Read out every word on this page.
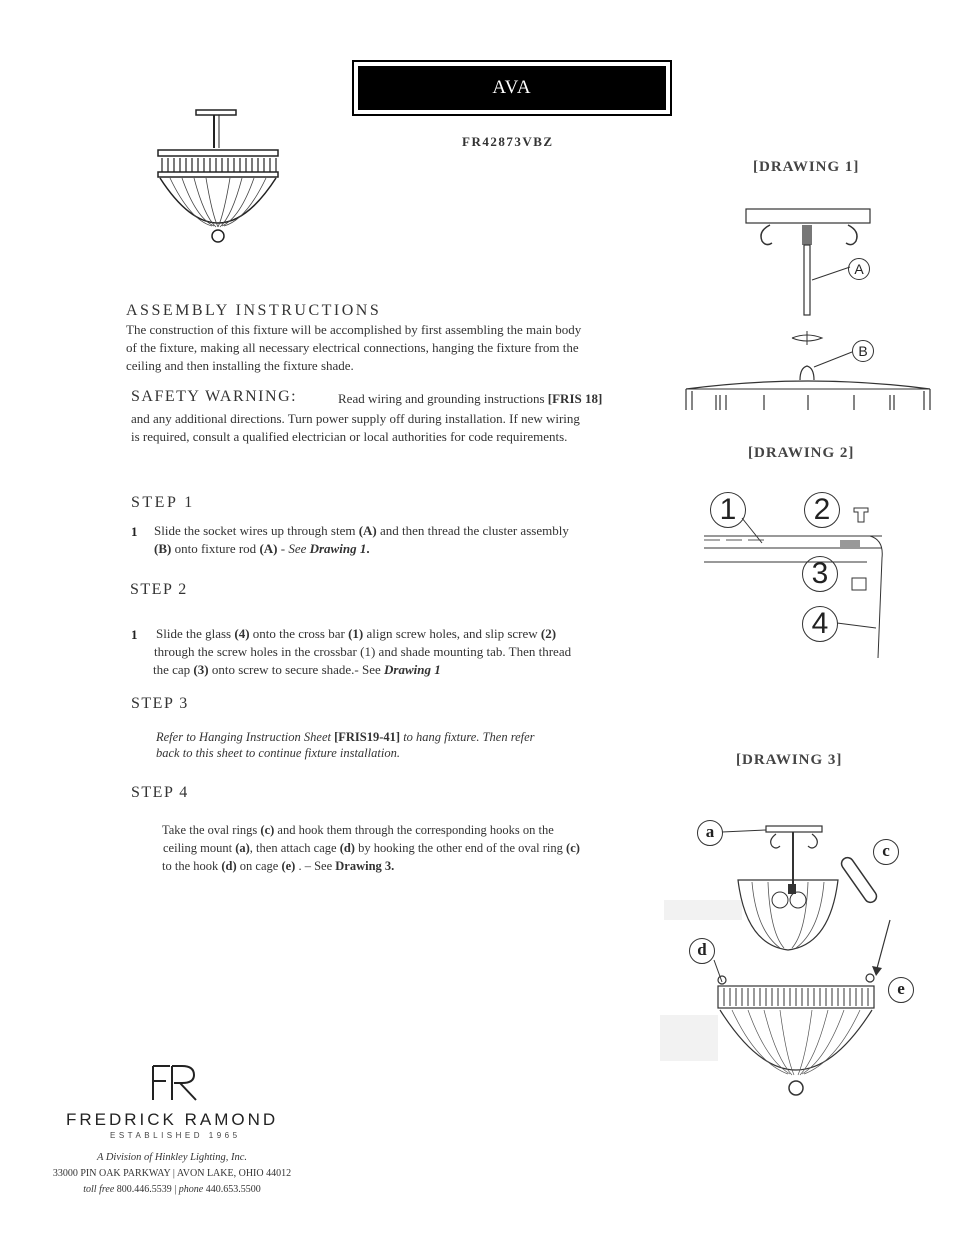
AVA
FR42873VBZ
[DRAWING 1]
[DRAWING 2]
[DRAWING 3]
A
B
1	2
3
4
a
c
d
e
ASSEMBLY INSTRUCTIONS
The construction of this fixture will be accomplished by first assembling the main body
of the fixture, making all necessary electrical connections, hanging the fixture from the
ceiling and then installing the fixture shade.
SAFETY WARNING:	Read wiring and grounding instructions [FRIS 18]
and any additional directions. Turn power supply off during installation. If new wiring
is required, consult a qualified electrician or local authorities for code requirements.
STEP 1
1 Slide the socket wires up through stem (A) and then thread the cluster assembly
(B) onto fixture rod (A) - See Drawing 1.
STEP 2
1 Slide the glass (4) onto the cross bar (1) align screw holes, and slip screw (2)
through the screw holes in the crossbar (1) and shade mounting tab. Then thread
the cap (3) onto screw to secure shade.- See Drawing 1
STEP 3
Refer to Hanging Instruction Sheet [FRIS19-41] to hang fixture. Then refer
back to this sheet to continue fixture installation.
STEP 4
Take the oval rings (c) and hook them through the corresponding hooks on the
ceiling mount (a), then attach cage (d) by hooking the other end of the oval ring (c)
to the hook (d) on cage (e) . – See Drawing 3.
FREDRICK RAMOND
ESTABLISHED 1965
A Division of Hinkley Lighting, Inc.
33000 PIN OAK PARKWAY | AVON LAKE, OHIO 44012
toll free 800.446.5539 | phone 440.653.5500
